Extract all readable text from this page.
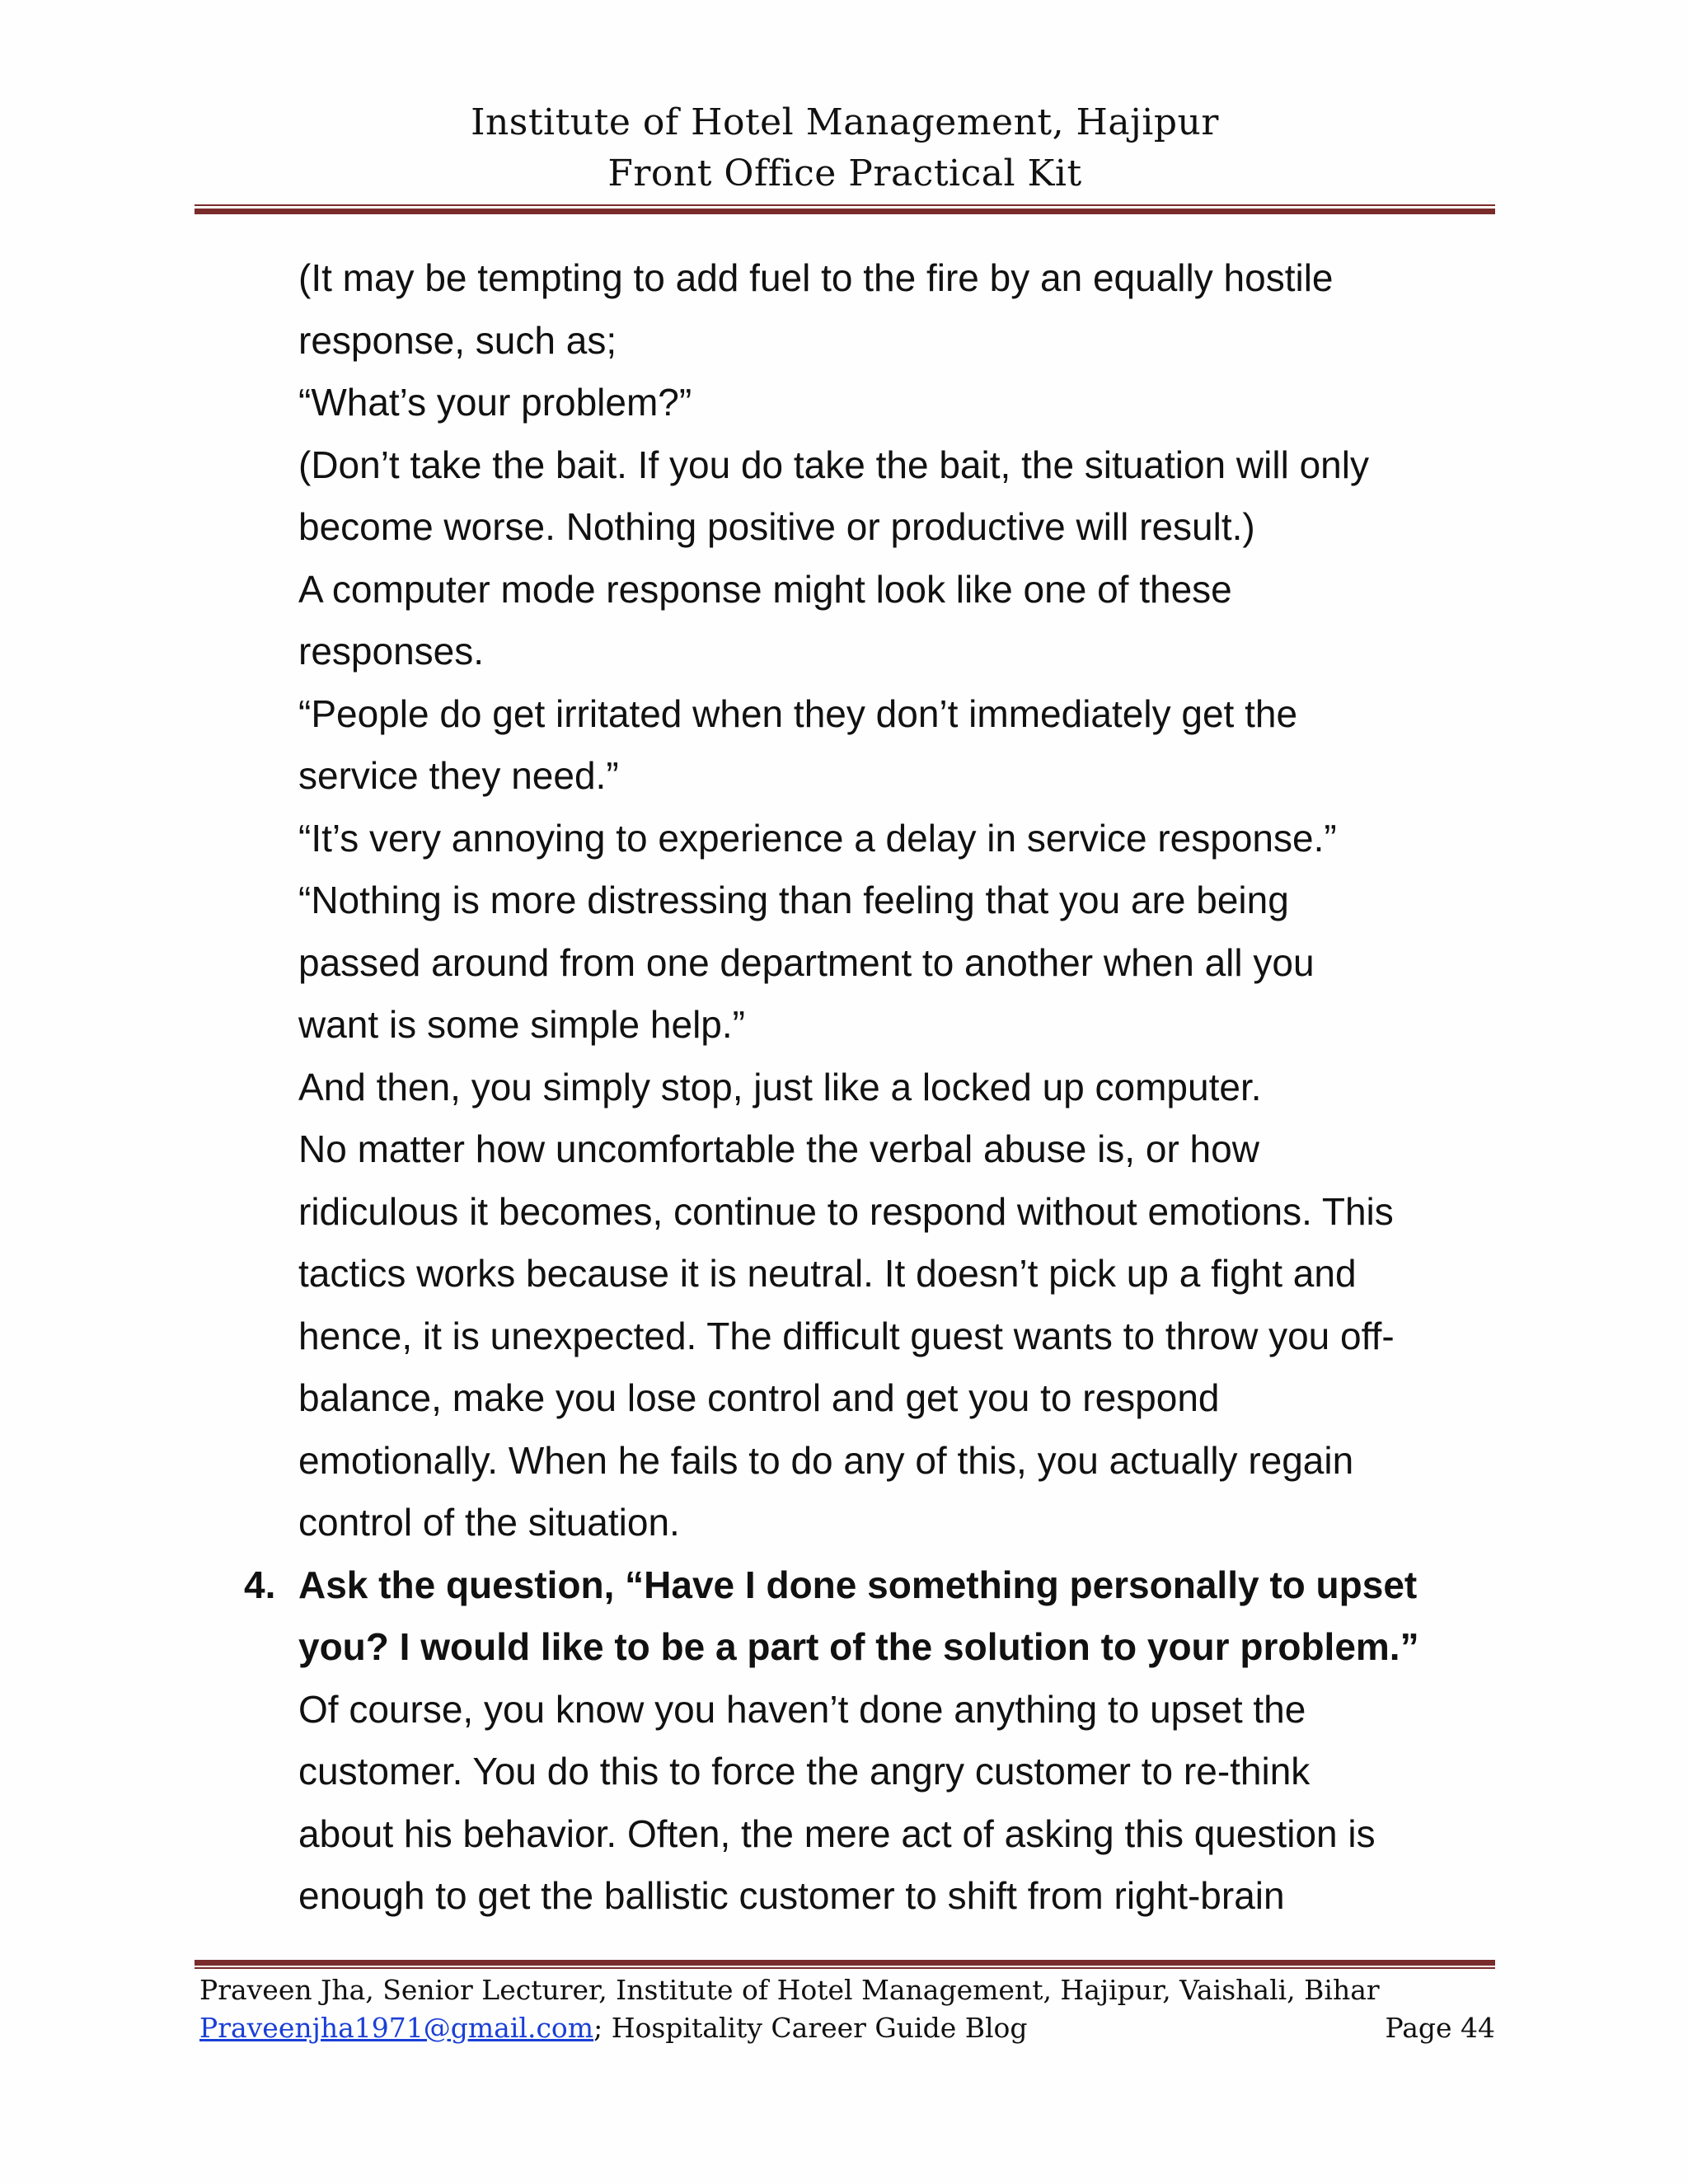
Institute of Hotel Management, Hajipur
Front Office Practical Kit

(It may be tempting to add fuel to the fire by an equally hostile

response, such as;

“What’s your problem?”

(Don’t take the bait. If you do take the bait, the situation will only

become worse. Nothing positive or productive will result.)

A computer mode response might look like one of these

responses.

“People do get irritated when they don’t immediately get the

service they need.”

“It’s very annoying to experience a delay in service response.”

“Nothing is more distressing than feeling that you are being

passed around from one department to another when all you

want is some simple help.”

And then, you simply stop, just like a locked up computer.

No matter how uncomfortable the verbal abuse is, or how

ridiculous it becomes, continue to respond without emotions. This

tactics works because it is neutral. It doesn’t pick up a fight and

hence, it is unexpected. The difficult guest wants to throw you off-

balance, make you lose control and get you to respond

emotionally. When he fails to do any of this, you actually regain

control of the situation.

4. Ask the question, “Have I done something personally to upset

you? I would like to be a part of the solution to your problem.”

Of course, you know you haven’t done anything to upset the

customer. You do this to force the angry customer to re-think

about his behavior. Often, the mere act of asking this question is

enough to get the ballistic customer to shift from right-brain

Praveen Jha, Senior Lecturer, Institute of Hotel Management, Hajipur, Vaishali, Bihar
Praveenjha1971@gmail.com; Hospitality Career Guide Blog	Page 44
